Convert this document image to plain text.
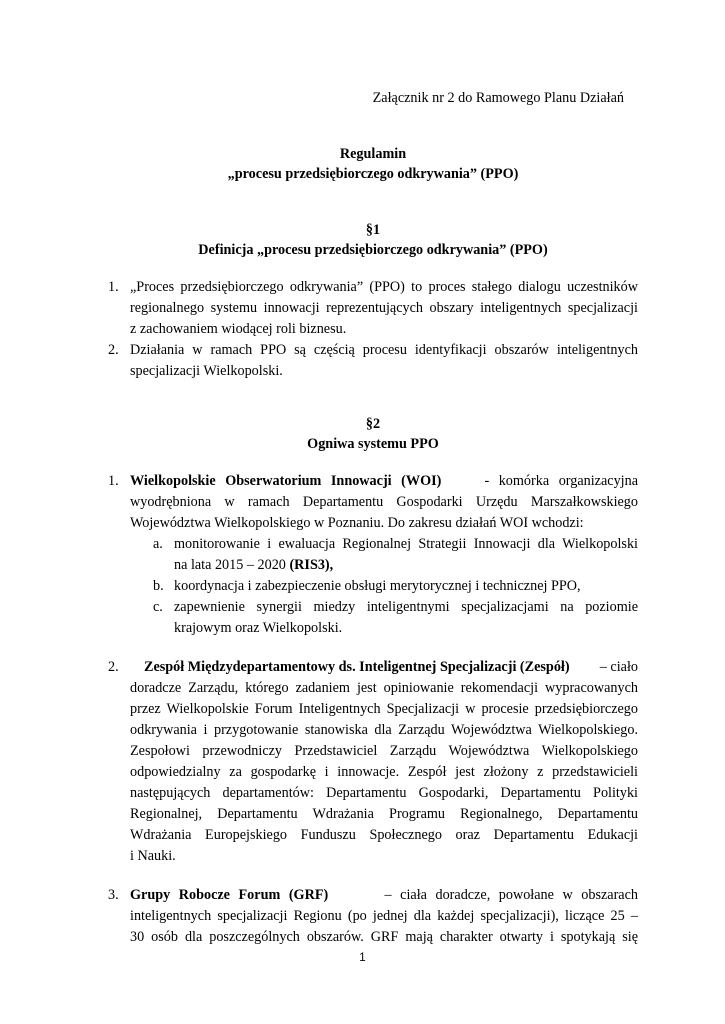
Załącznik nr 2 do Ramowego Planu Działań
Regulamin
„procesu przedsiębiorczego odkrywania” (PPO)
§1
Definicja „procesu przedsiębiorczego odkrywania” (PPO)
1. „Proces przedsiębiorczego odkrywania” (PPO) to proces stałego dialogu uczestników
regionalnego systemu innowacji reprezentujących obszary inteligentnych specjalizacji
z zachowaniem wiodącej roli biznesu.
2. Działania w ramach PPO są częścią procesu identyfikacji obszarów inteligentnych
specjalizacji Wielkopolski.
§2
Ogniwa systemu PPO
1. Wielkopolskie Obserwatorium Innowacji (WOI)	- komórka organizacyjna
wyodrębniona w ramach Departamentu Gospodarki Urzędu Marszałkowskiego
Województwa Wielkopolskiego w Poznaniu. Do zakresu działań WOI wchodzi:
a. monitorowanie i ewaluacja Regionalnej Strategii Innowacji dla Wielkopolski
na lata 2015 – 2020 (RIS3),
b. koordynacja i zabezpieczenie obsługi merytorycznej i technicznej PPO,
c. zapewnienie synergii miedzy inteligentnymi specjalizacjami na poziomie
krajowym oraz Wielkopolski.
2. Zespół Międzydepartamentowy ds. Inteligentnej Specjalizacji (Zespół) – ciało
doradcze Zarządu, którego zadaniem jest opiniowanie rekomendacji wypracowanych
przez Wielkopolskie Forum Inteligentnych Specjalizacji w procesie przedsiębiorczego
odkrywania i przygotowanie stanowiska dla Zarządu Województwa Wielkopolskiego.
Zespołowi przewodniczy Przedstawiciel Zarządu Województwa Wielkopolskiego
odpowiedzialny za gospodarkę i innowacje. Zespół jest złożony z przedstawicieli
następujących departamentów: Departamentu Gospodarki, Departamentu Polityki
Regionalnej, Departamentu Wdrażania Programu Regionalnego, Departamentu
Wdrażania Europejskiego Funduszu Społecznego oraz Departamentu Edukacji
i Nauki.
3. Grupy Robocze Forum (GRF)	– ciała doradcze, powołane w obszarach
inteligentnych specjalizacji Regionu (po jednej dla każdej specjalizacji), liczące 25 –
30 osób dla poszczególnych obszarów. GRF mają charakter otwarty i spotykają się
1
